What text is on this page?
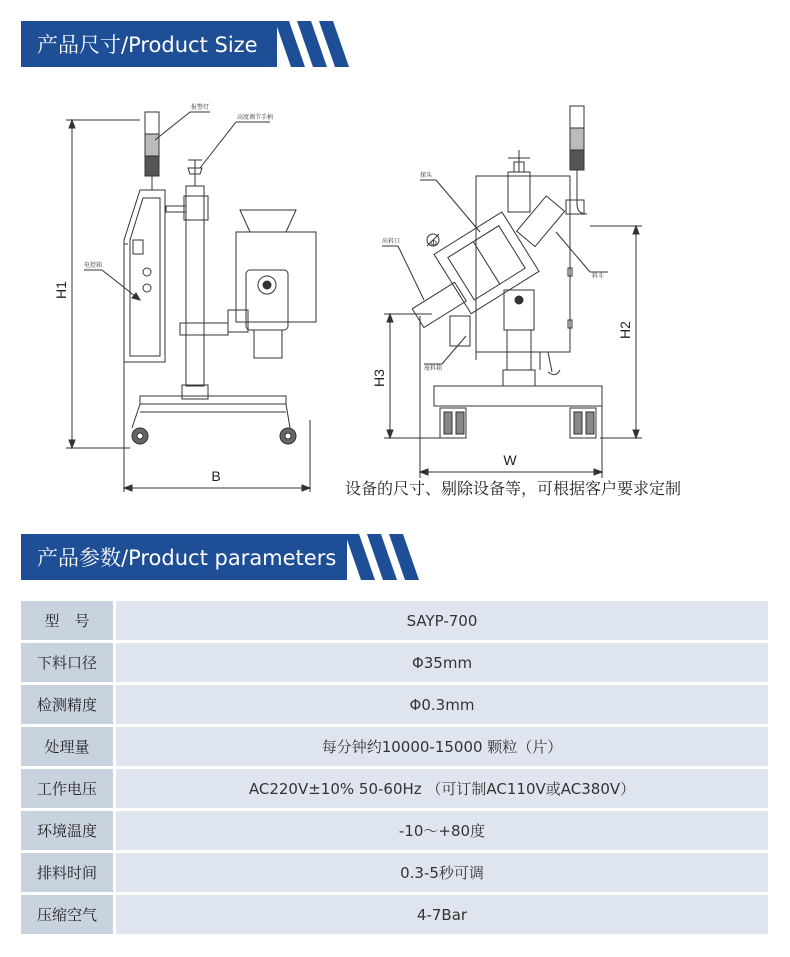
产品尺寸/Product Size
H1
B
报警灯
高度调节手柄
电控箱
H2
H3
W
探头
出料口
料斗
废料箱
Φ
设备的尺寸、剔除设备等，可根据客户要求定制
产品参数/Product parameters
型　号	SAYP-700
下料口径	Φ35mm
检测精度	Φ0.3mm
处理量	每分钟约10000-15000 颗粒（片）
工作电压	AC220V±10% 50-60Hz （可订制AC110V或AC380V）
环境温度	-10～+80度
排料时间	0.3-5秒可调
压缩空气	4-7Bar
